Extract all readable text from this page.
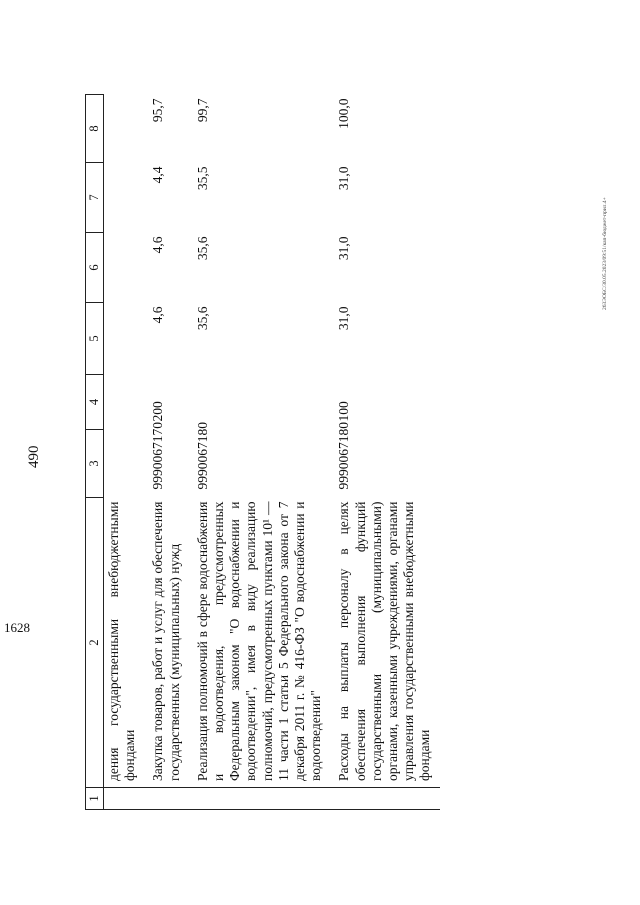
1628
490
263ЭОБС/30.05.2023/09:51/кап-бюджет-прил.4+
1	2	3	4	5	6	7	8
	дения государственными внебюджетными фондами						
	Закупка товаров, работ и услуг для обеспечения государственных (муниципальных) нужд	9990067170	200	4,6	4,6	4,4	95,7
	Реализация полномочий в сфере водоснабжения и водоотведения, предусмотренных Федеральным законом "О водоснабжении и водоотведении", имея в виду реализацию полномочий, предусмотренных пунктами 10¹ — 11 части 1 статьи 5 Федерального закона от 7 декабря 2011 г. № 416-ФЗ "О водоснабжении и водоотведении"	9990067180		35,6	35,6	35,5	99,7
	Расходы на выплаты персоналу в целях обеспечения выполнения функций государственными (муниципальными) органами, казенными учреждениями, органами управления государственными внебюджетными фондами	9990067180	100	31,0	31,0	31,0	100,0
